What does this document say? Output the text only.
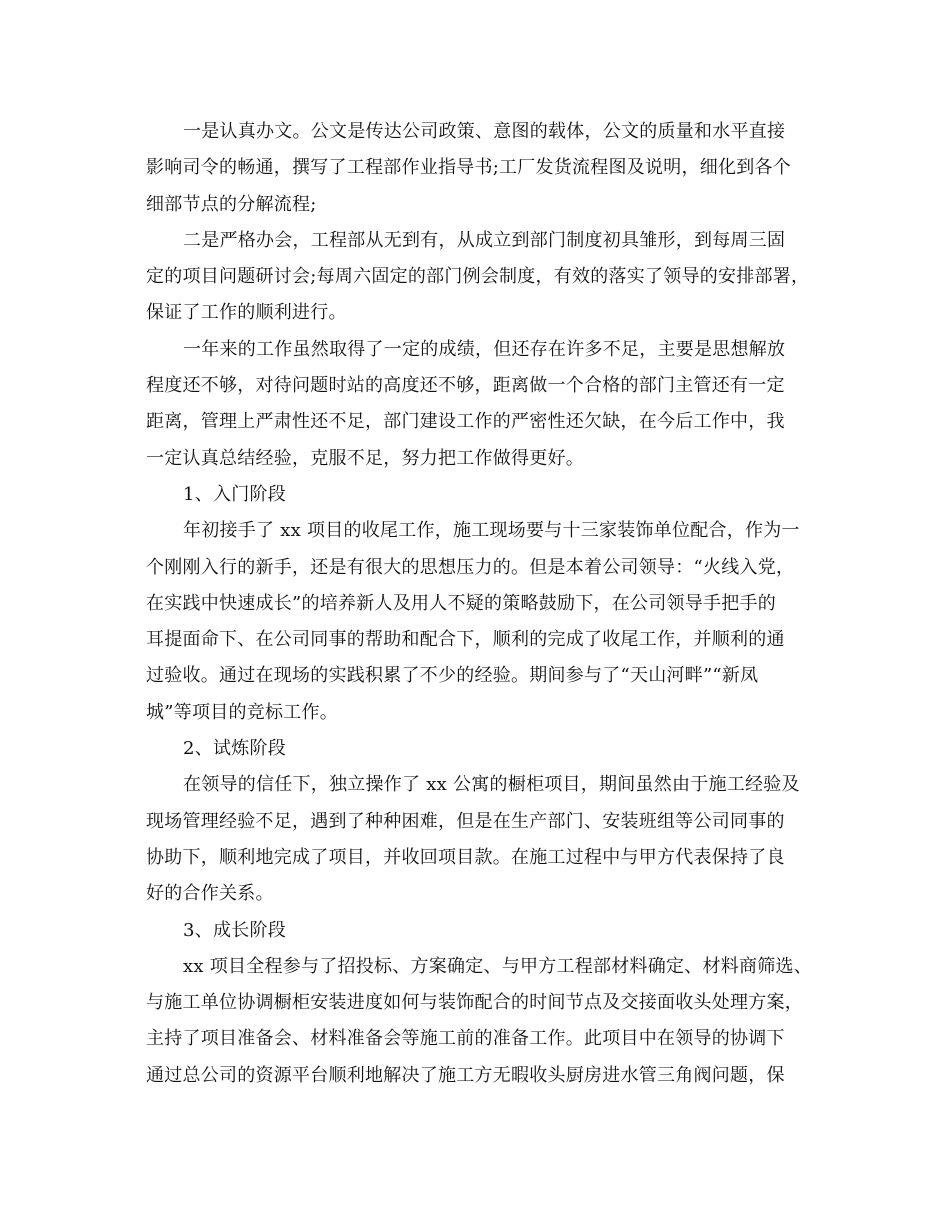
一是认真办文。公文是传达公司政策、意图的载体，公文的质量和水平直接
影响司令的畅通，撰写了工程部作业指导书;工厂发货流程图及说明，细化到各个
细部节点的分解流程;
二是严格办会，工程部从无到有，从成立到部门制度初具雏形，到每周三固
定的项目问题研讨会;每周六固定的部门例会制度，有效的落实了领导的安排部署，
保证了工作的顺利进行。
一年来的工作虽然取得了一定的成绩，但还存在许多不足，主要是思想解放
程度还不够，对待问题时站的高度还不够，距离做一个合格的部门主管还有一定
距离，管理上严肃性还不足，部门建设工作的严密性还欠缺，在今后工作中，我
一定认真总结经验，克服不足，努力把工作做得更好。
1、入门阶段
年初接手了 xx 项目的收尾工作，施工现场要与十三家装饰单位配合，作为一
个刚刚入行的新手，还是有很大的思想压力的。但是本着公司领导：“火线入党，
在实践中快速成长”的培养新人及用人不疑的策略鼓励下，在公司领导手把手的
耳提面命下、在公司同事的帮助和配合下，顺利的完成了收尾工作，并顺利的通
过验收。通过在现场的实践积累了不少的经验。期间参与了“天山河畔”“新凤
城”等项目的竞标工作。
2、试炼阶段
在领导的信任下，独立操作了 xx 公寓的橱柜项目，期间虽然由于施工经验及
现场管理经验不足，遇到了种种困难，但是在生产部门、安装班组等公司同事的
协助下，顺利地完成了项目，并收回项目款。在施工过程中与甲方代表保持了良
好的合作关系。
3、成长阶段
xx 项目全程参与了招投标、方案确定、与甲方工程部材料确定、材料商筛选、
与施工单位协调橱柜安装进度如何与装饰配合的时间节点及交接面收头处理方案，
主持了项目准备会、材料准备会等施工前的准备工作。此项目中在领导的协调下
通过总公司的资源平台顺利地解决了施工方无暇收头厨房进水管三角阀问题，保
